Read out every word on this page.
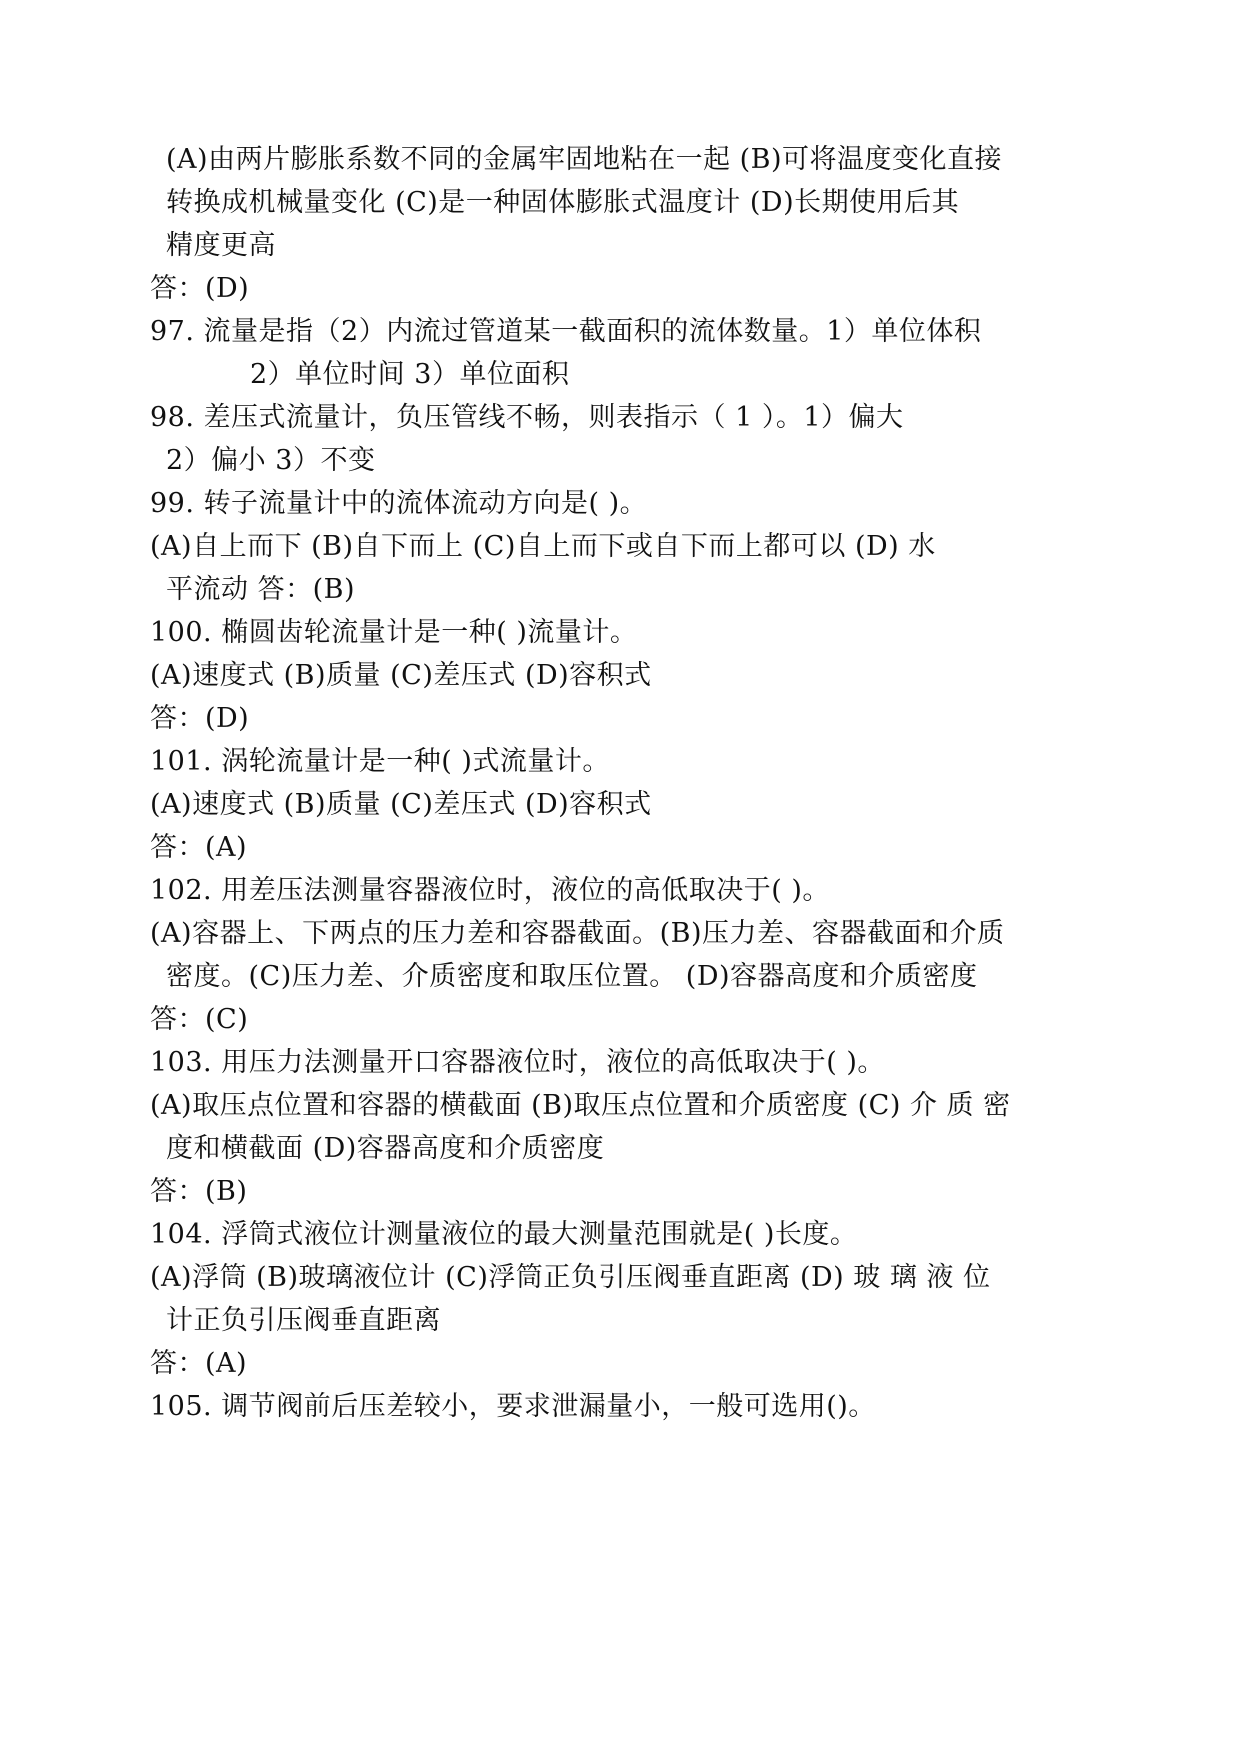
(A)由两片膨胀系数不同的金属牢固地粘在一起 (B)可将温度变化直接
转换成机械量变化 (C)是一种固体膨胀式温度计 (D)长期使用后其
精度更高
答：(D)
97. 流量是指（2）内流过管道某一截面积的流体数量。1）单位体积
2）单位时间 3）单位面积
98. 差压式流量计，负压管线不畅，则表指示（ 1 ）。1）偏大
2）偏小 3）不变
99. 转子流量计中的流体流动方向是( )。
(A)自上而下 (B)自下而上 (C)自上而下或自下而上都可以 (D) 水
平流动 答：(B)
100. 椭圆齿轮流量计是一种( )流量计。
(A)速度式 (B)质量 (C)差压式 (D)容积式
答：(D)
101. 涡轮流量计是一种( )式流量计。
(A)速度式 (B)质量 (C)差压式 (D)容积式
答：(A)
102. 用差压法测量容器液位时，液位的高低取决于( )。
(A)容器上、下两点的压力差和容器截面。(B)压力差、容器截面和介质
密度。(C)压力差、介质密度和取压位置。 (D)容器高度和介质密度
答：(C)
103. 用压力法测量开口容器液位时，液位的高低取决于( )。
(A)取压点位置和容器的横截面 (B)取压点位置和介质密度 (C) 介 质 密
度和横截面 (D)容器高度和介质密度
答：(B)
104. 浮筒式液位计测量液位的最大测量范围就是( )长度。
(A)浮筒 (B)玻璃液位计 (C)浮筒正负引压阀垂直距离 (D) 玻 璃 液 位
计正负引压阀垂直距离
答：(A)
105. 调节阀前后压差较小，要求泄漏量小，一般可选用()。
